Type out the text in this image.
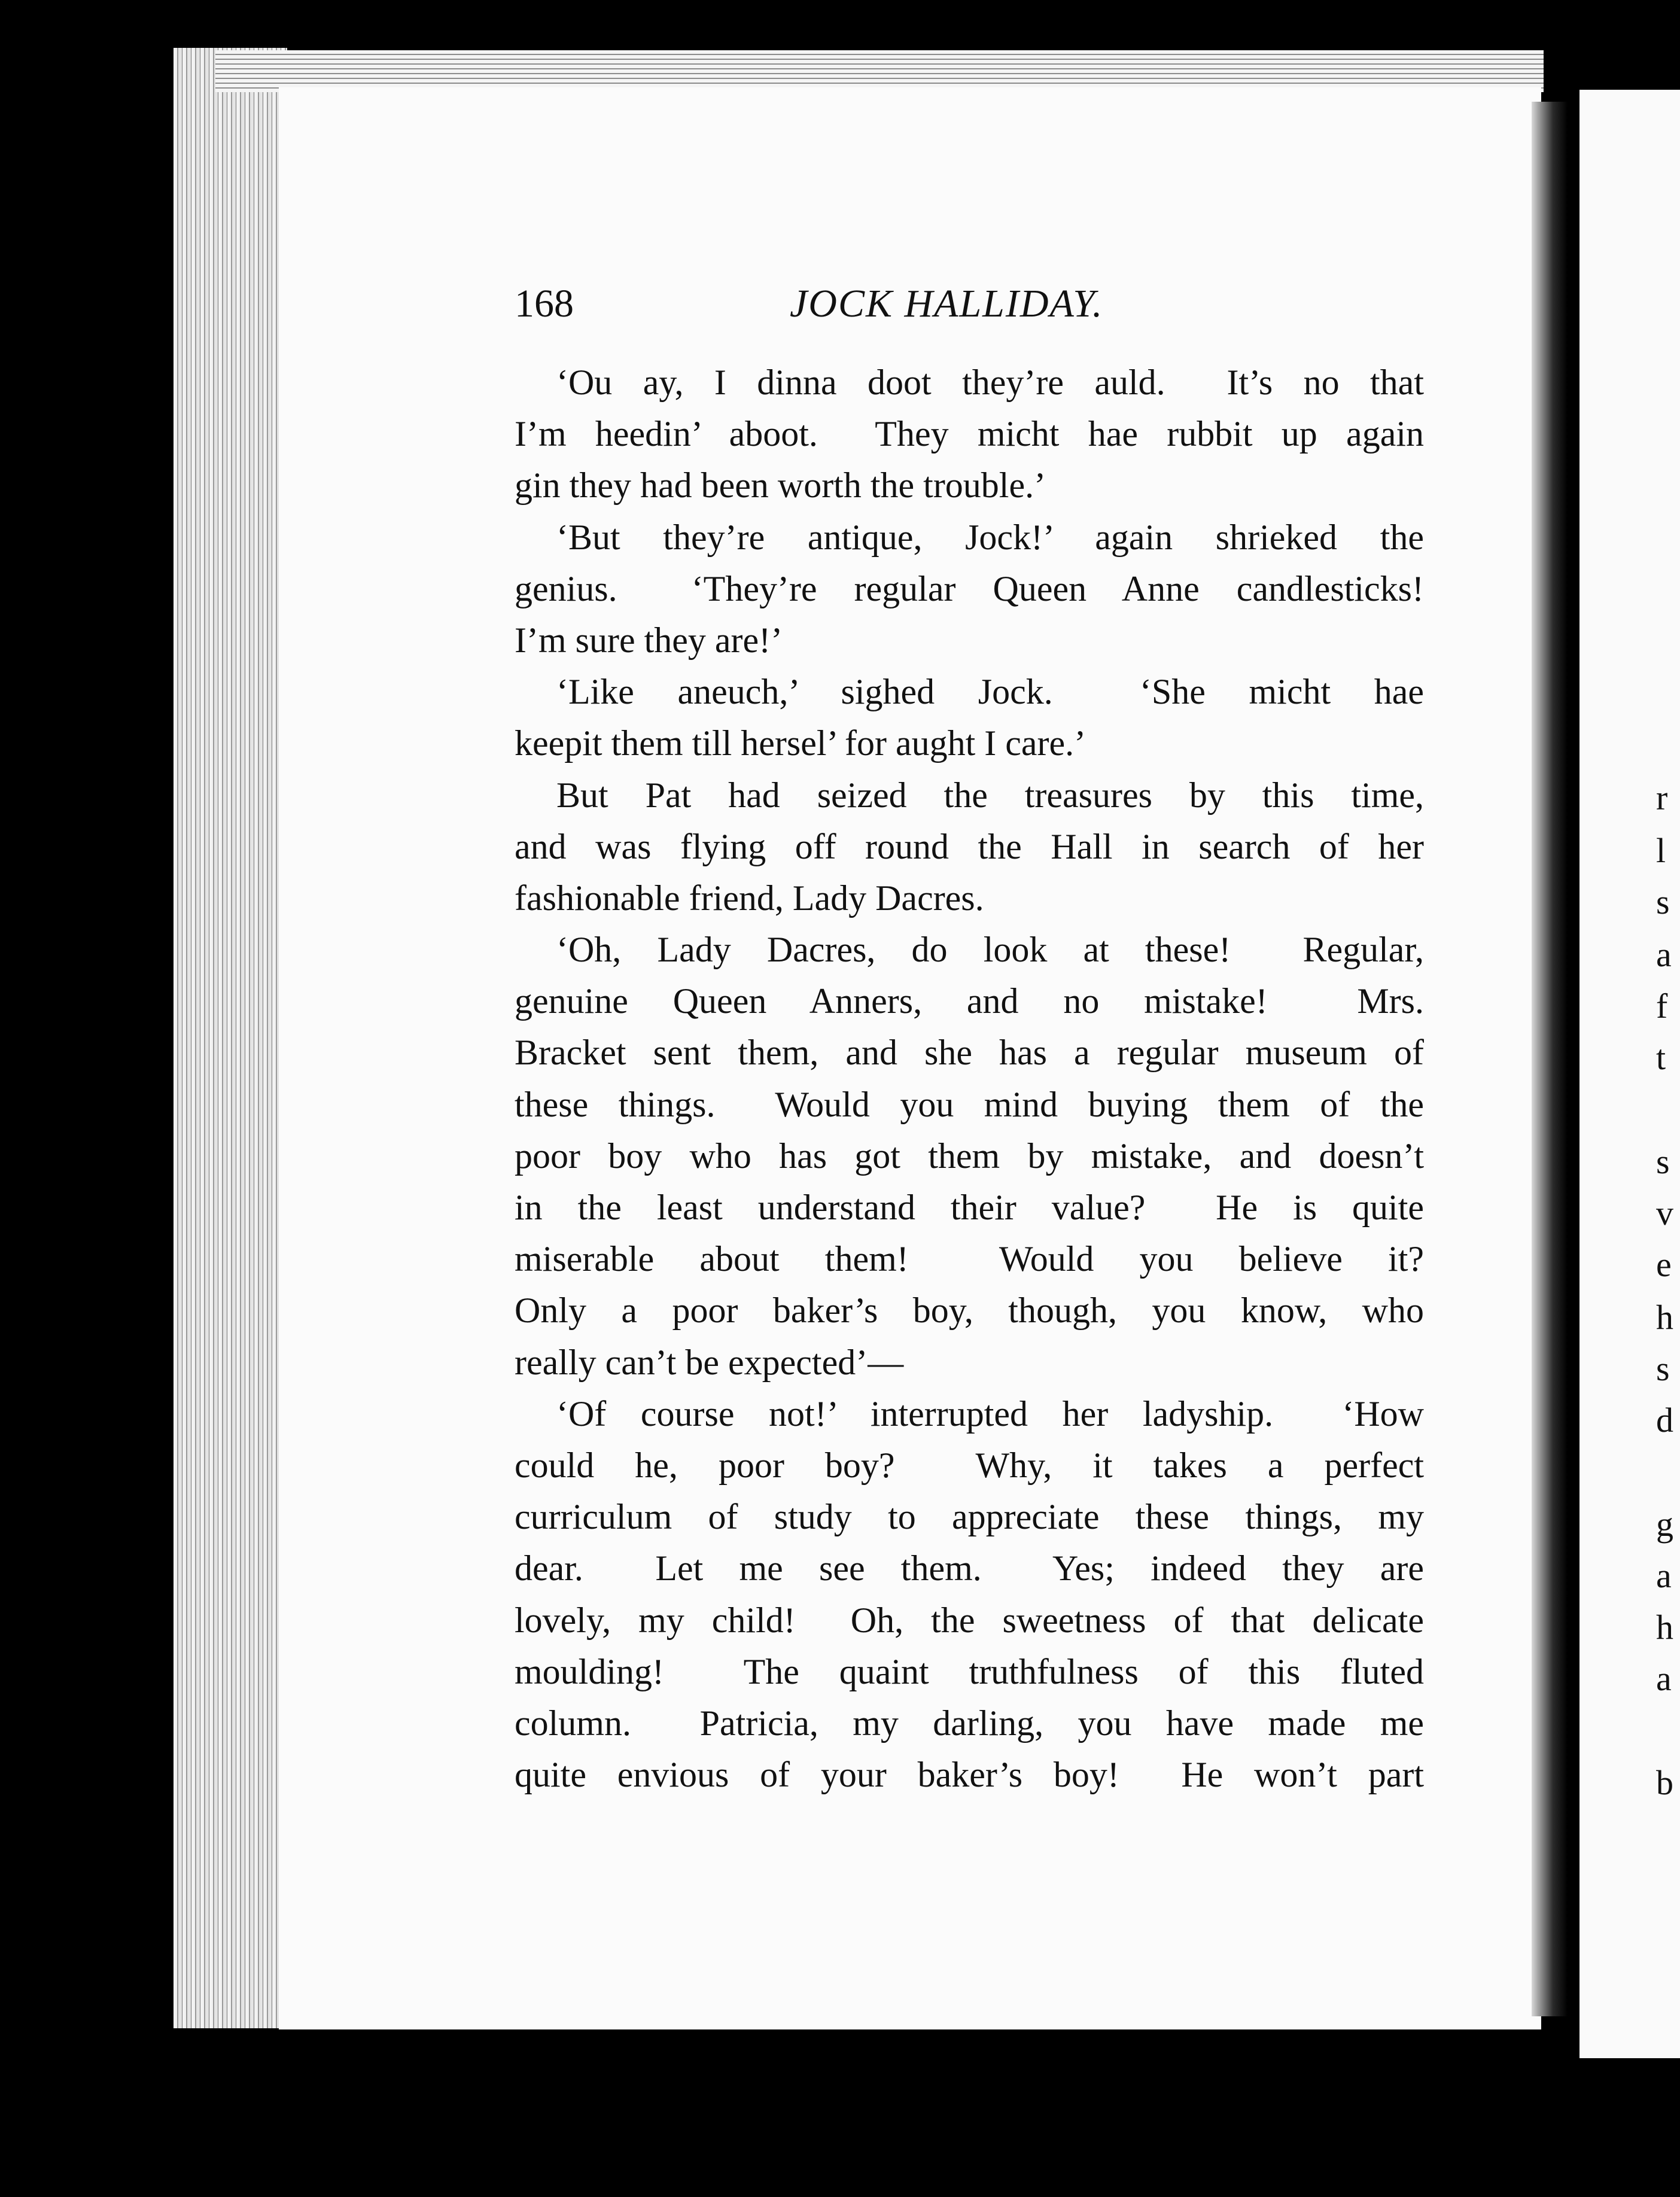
r
l
s
a
f
t
s
v
e
h
s
d
g
a
h
a
b
168	JOCK HALLIDAY.
‘Ou ay, I dinna doot they’re auld.  It’s no that
I’m heedin’ aboot.  They micht hae rubbit up again
gin they had been worth the trouble.’
‘But they’re antique, Jock!’ again shrieked the
genius.  ‘They’re regular Queen Anne candlesticks!
I’m sure they are!’
‘Like aneuch,’ sighed Jock.  ‘She micht hae
keepit them till hersel’ for aught I care.’
But Pat had seized the treasures by this time,
and was flying off round the Hall in search of her
fashionable friend, Lady Dacres.
‘Oh, Lady Dacres, do look at these!  Regular,
genuine Queen Anners, and no mistake!  Mrs.
Bracket sent them, and she has a regular museum of
these things.  Would you mind buying them of the
poor boy who has got them by mistake, and doesn’t
in the least understand their value?  He is quite
miserable about them!  Would you believe it?
Only a poor baker’s boy, though, you know, who
really can’t be expected’—
‘Of course not!’ interrupted her ladyship.  ‘How
could he, poor boy?  Why, it takes a perfect
curriculum of study to appreciate these things, my
dear.  Let me see them.  Yes; indeed they are
lovely, my child!  Oh, the sweetness of that delicate
moulding!  The quaint truthfulness of this fluted
column.  Patricia, my darling, you have made me
quite envious of your baker’s boy!  He won’t part
